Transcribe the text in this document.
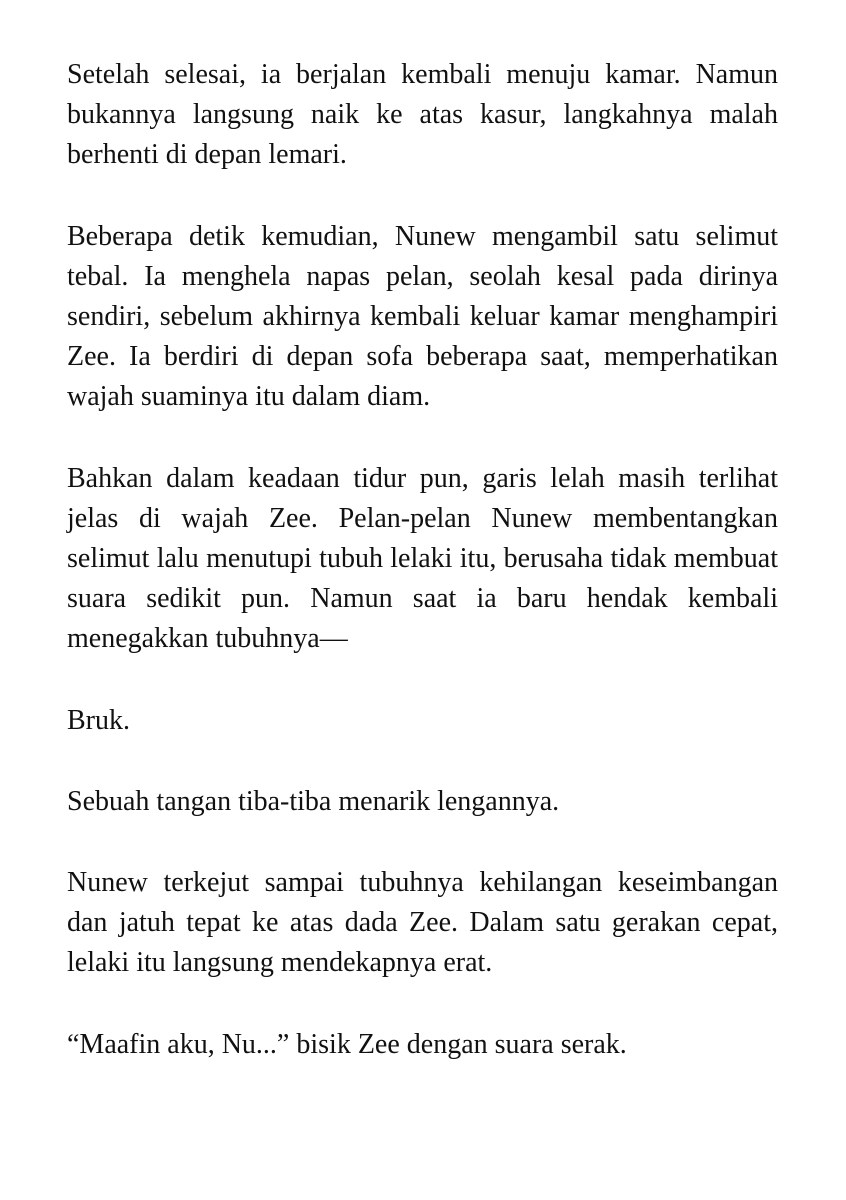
Setelah selesai, ia berjalan kembali menuju kamar. Namun bukannya langsung naik ke atas kasur, langkahnya malah berhenti di depan lemari.

Beberapa detik kemudian, Nunew mengambil satu selimut tebal. Ia menghela napas pelan, seolah kesal pada dirinya sendiri, sebelum akhirnya kembali keluar kamar menghampiri Zee. Ia berdiri di depan sofa beberapa saat, memperhatikan wajah suaminya itu dalam diam.

Bahkan dalam keadaan tidur pun, garis lelah masih terlihat jelas di wajah Zee. Pelan-pelan Nunew membentangkan selimut lalu menutupi tubuh lelaki itu, berusaha tidak membuat suara sedikit pun. Namun saat ia baru hendak kembali menegakkan tubuhnya—

Bruk.

Sebuah tangan tiba-tiba menarik lengannya.

Nunew terkejut sampai tubuhnya kehilangan keseimbangan dan jatuh tepat ke atas dada Zee. Dalam satu gerakan cepat, lelaki itu langsung mendekapnya erat.

“Maafin aku, Nu...” bisik Zee dengan suara serak.
